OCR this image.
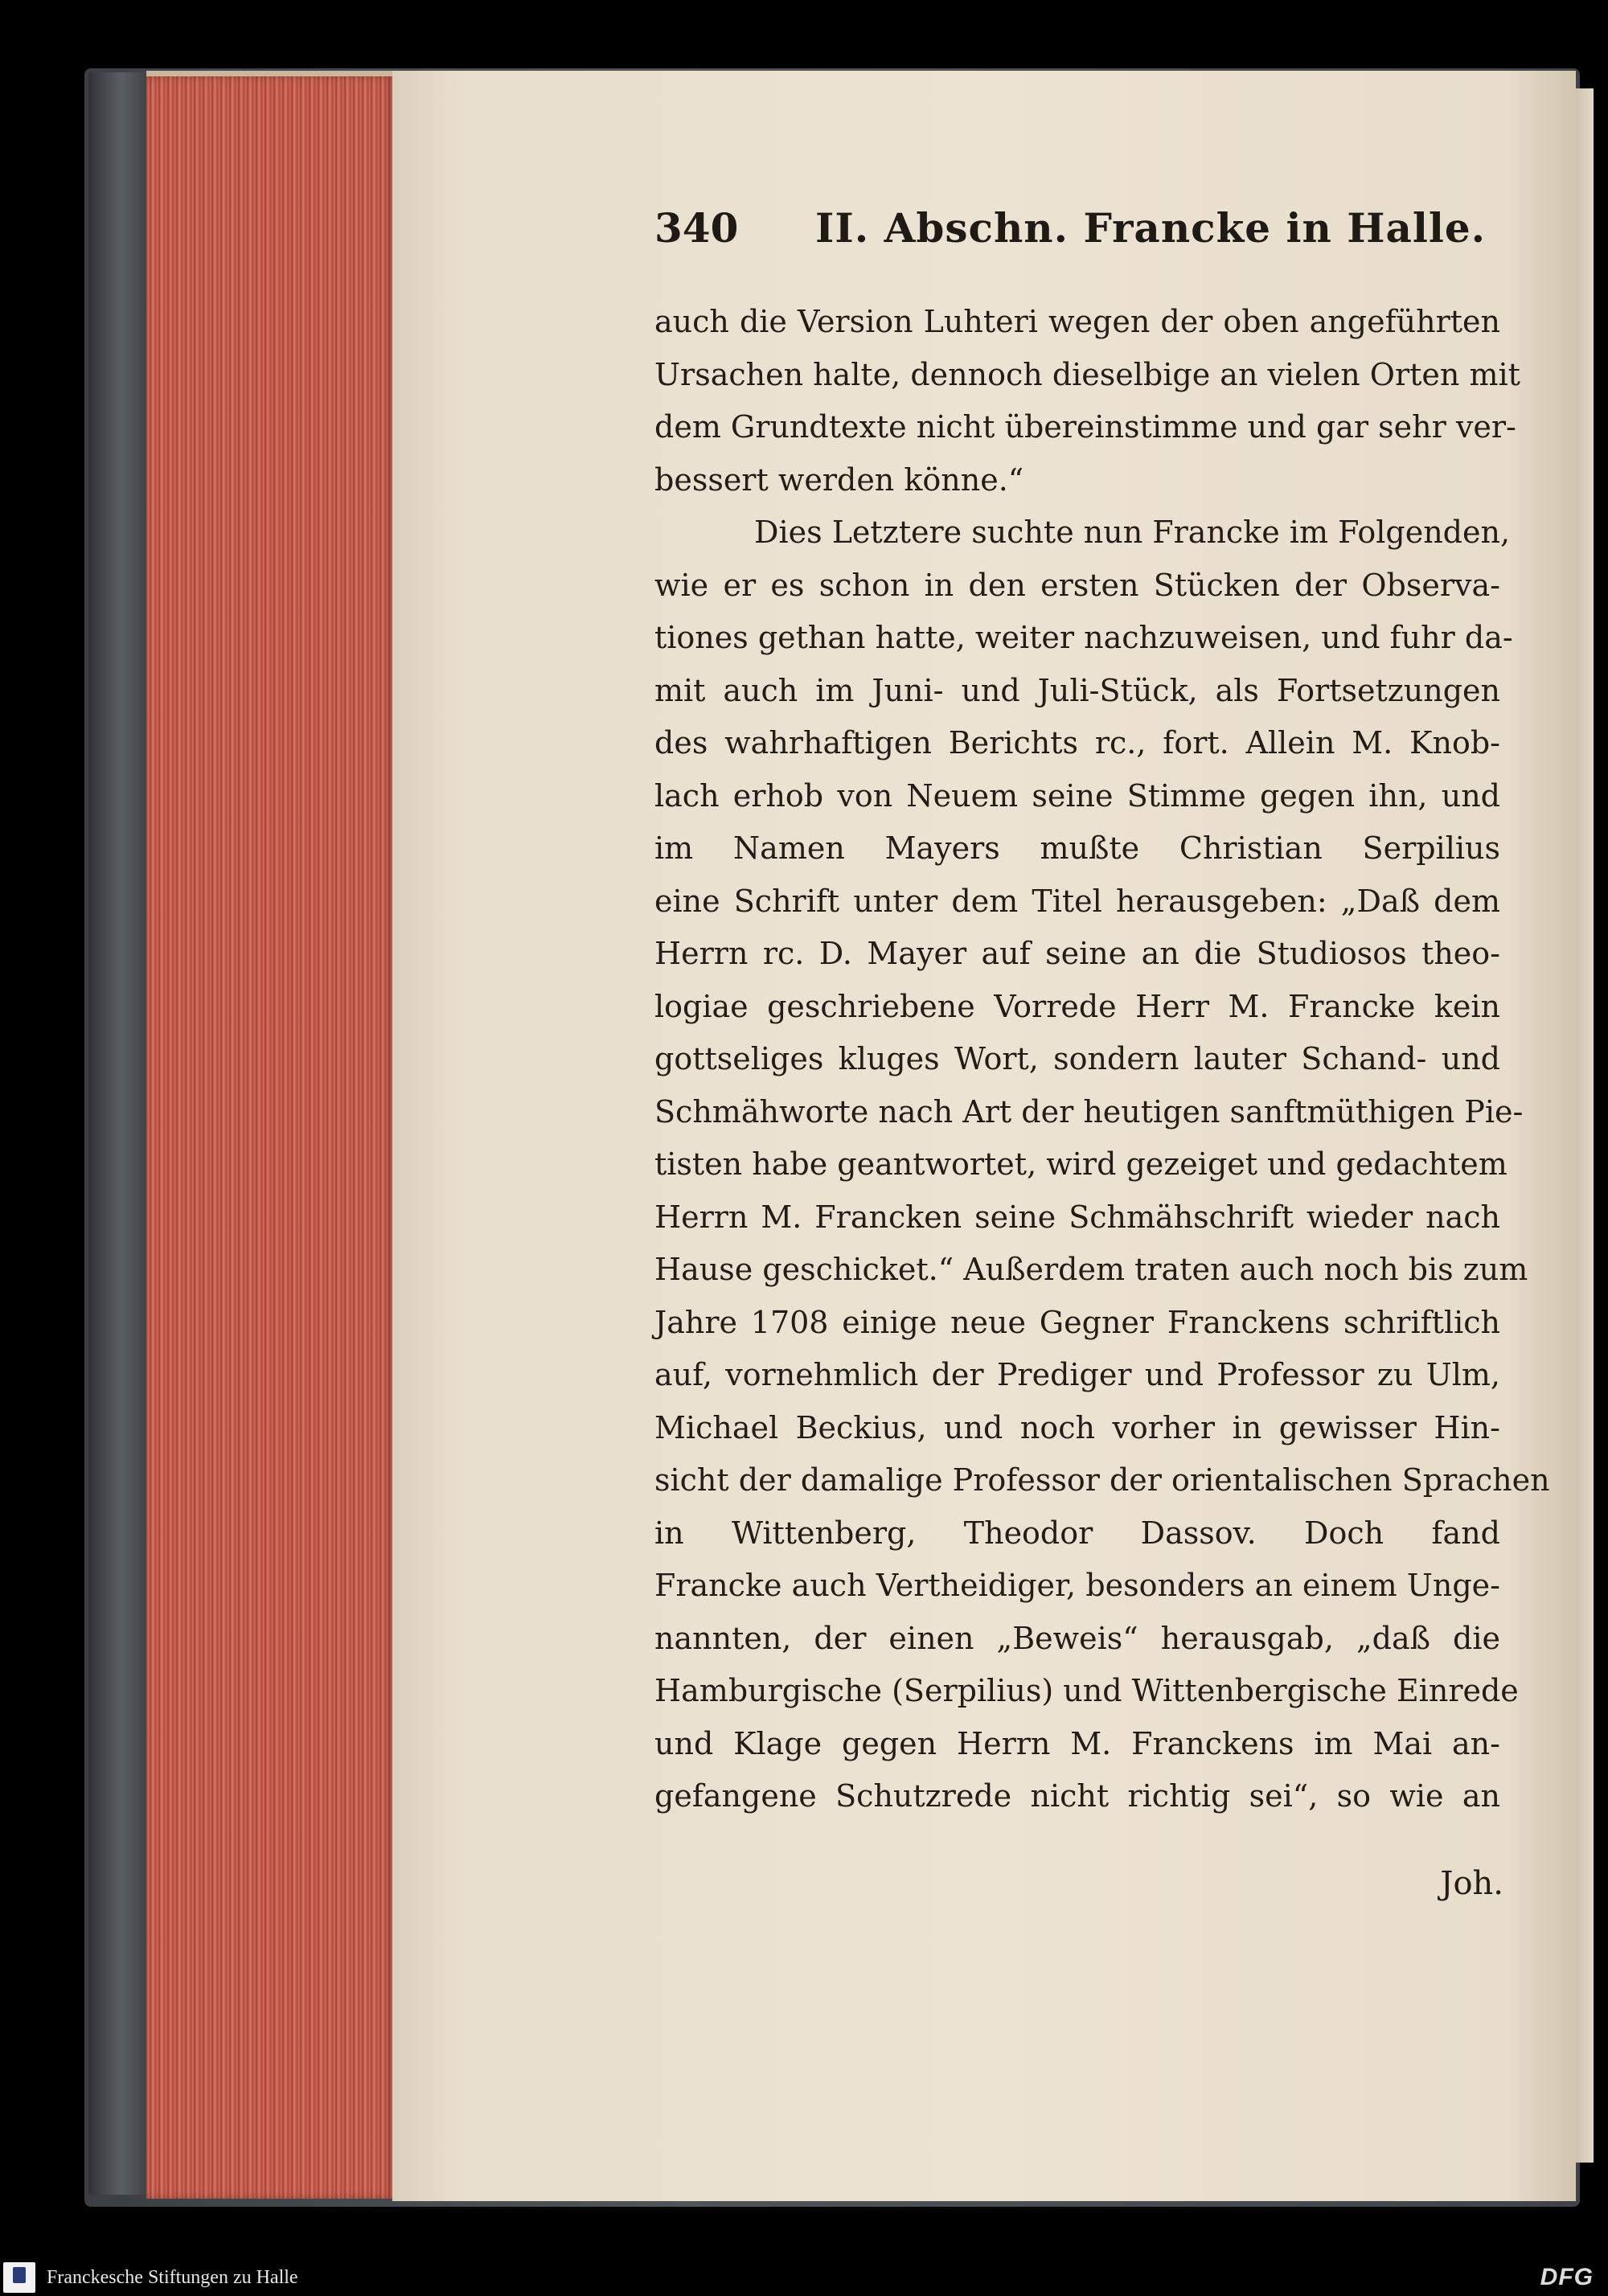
340 II. Abschn. Francke in Halle.
auch die Version Luhteri wegen der oben angeführten
Ursachen halte, dennoch dieselbige an vielen Orten mit
dem Grundtexte nicht übereinstimme und gar sehr ver-
bessert werden könne.“
Dies Letztere suchte nun Francke im Folgenden,
wie er es schon in den ersten Stücken der Observa-
tiones gethan hatte, weiter nachzuweisen, und fuhr da-
mit auch im Juni- und Juli-Stück, als Fortsetzungen
des wahrhaftigen Berichts rc., fort. Allein M. Knob-
lach erhob von Neuem seine Stimme gegen ihn, und
im Namen Mayers mußte Christian Serpilius
eine Schrift unter dem Titel herausgeben: „Daß dem
Herrn rc. D. Mayer auf seine an die Studiosos theo-
logiae geschriebene Vorrede Herr M. Francke kein
gottseliges kluges Wort, sondern lauter Schand- und
Schmähworte nach Art der heutigen sanftmüthigen Pie-
tisten habe geantwortet, wird gezeiget und gedachtem
Herrn M. Francken seine Schmähschrift wieder nach
Hause geschicket.“ Außerdem traten auch noch bis zum
Jahre 1708 einige neue Gegner Franckens schriftlich
auf, vornehmlich der Prediger und Professor zu Ulm,
Michael Beckius, und noch vorher in gewisser Hin-
sicht der damalige Professor der orientalischen Sprachen
in Wittenberg, Theodor Dassov. Doch fand
Francke auch Vertheidiger, besonders an einem Unge-
nannten, der einen „Beweis“ herausgab, „daß die
Hamburgische (Serpilius) und Wittenbergische Einrede
und Klage gegen Herrn M. Franckens im Mai an-
gefangene Schutzrede nicht richtig sei“, so wie an
Joh.
Franckesche Stiftungen zu Halle	DFG
